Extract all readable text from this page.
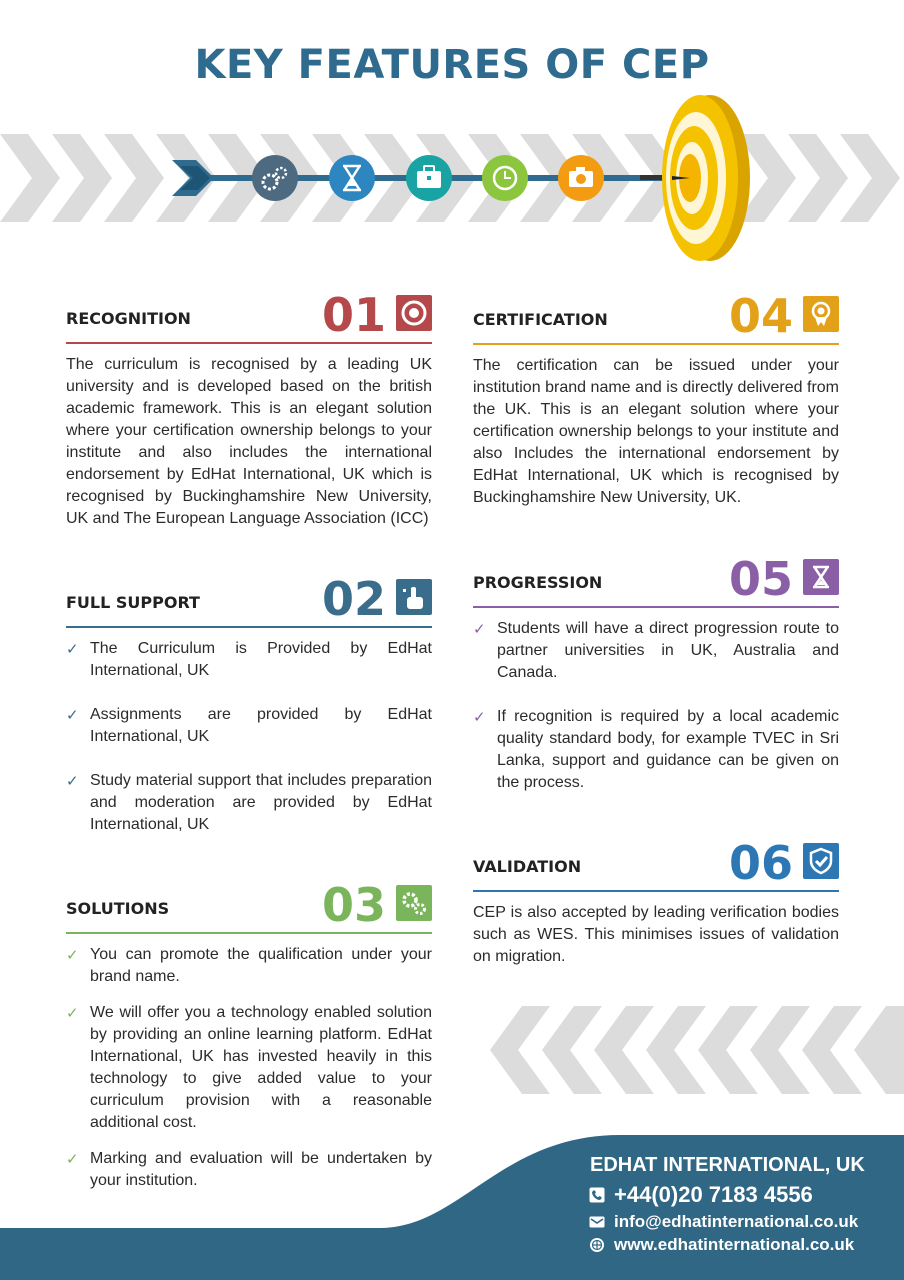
KEY FEATURES OF CEP
RECOGNITION	01
The curriculum is recognised by a leading UK university and is developed based on the british academic framework. This is an elegant solution where your certification ownership belongs to your institute and also includes the international endorsement by EdHat International, UK which is recognised by Buckinghamshire New University, UK and The European Language Association (ICC)
FULL SUPPORT	02
✓ The Curriculum is Provided by EdHat International, UK
✓ Assignments are provided by EdHat International, UK
✓ Study material support that includes preparation and moderation are provided by EdHat International, UK
SOLUTIONS	03
✓ You can promote the qualification under your brand name.
✓ We will offer you a technology enabled solution by providing an online learning platform. EdHat International, UK has invested heavily in this technology to give added value to your curriculum provision with a reasonable additional cost.
✓ Marking and evaluation will be undertaken by your institution.
CERTIFICATION	04
The certification can be issued under your institution brand name and is directly delivered from the UK. This is an elegant solution where your certification ownership belongs to your institute and also Includes the international endorsement by EdHat International, UK which is recognised by Buckinghamshire New University, UK.
PROGRESSION	05
✓ Students will have a direct progression route to partner universities in UK, Australia and Canada.
✓ If recognition is required by a local academic quality standard body, for example TVEC in Sri Lanka, support and guidance can be given on the process.
VALIDATION	06
CEP is also accepted by leading verification bodies such as WES. This minimises issues of validation on migration.
EDHAT INTERNATIONAL, UK
+44(0)20 7183 4556
info@edhatinternational.co.uk
www.edhatinternational.co.uk
